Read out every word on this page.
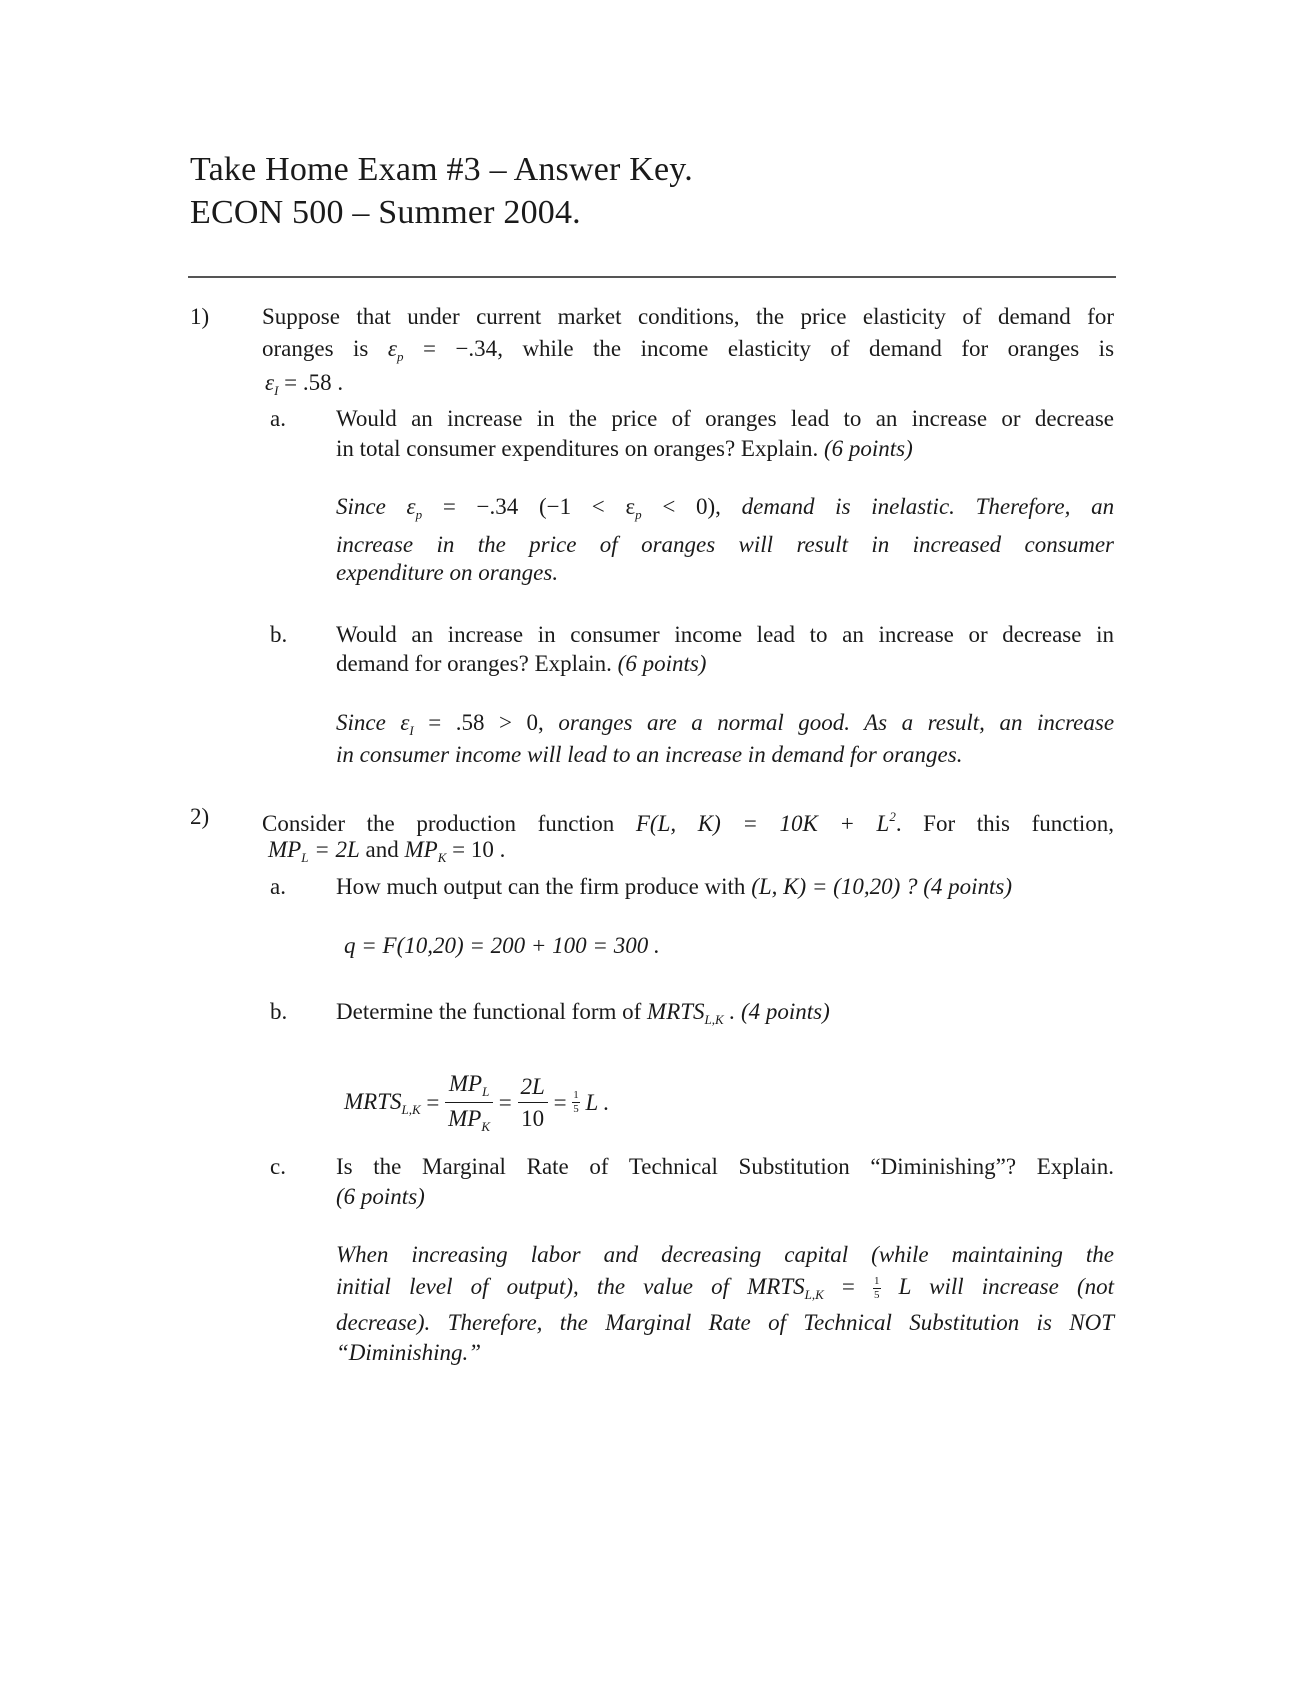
Take Home Exam #3 – Answer Key.
ECON 500 – Summer 2004.
1) Suppose that under current market conditions, the price elasticity of demand for
oranges is $\varepsilon_p = -.34$, while the income elasticity of demand for oranges is
$\varepsilon_I = .58$ .
a. Would an increase in the price of oranges lead to an increase or decrease
in total consumer expenditures on oranges? Explain. (6 points)
Since $\varepsilon_p = -.34$ $(-1 < \varepsilon_p < 0)$, demand is inelastic. Therefore, an
increase in the price of oranges will result in increased consumer
expenditure on oranges.
b. Would an increase in consumer income lead to an increase or decrease in
demand for oranges? Explain. (6 points)
Since $\varepsilon_I = .58 > 0$, oranges are a normal good. As a result, an increase
in consumer income will lead to an increase in demand for oranges.
2) Consider the production function F(L, $K) = 10K + L^2$. For this function,
$MP_L = 2L$ and $MP_K = 10$ .
a. How much output can the firm produce with (L, K) = (10,20) ? (4 points)
q = F(10,20) = 200 + 100 = 300 .
b. Determine the functional form of $MRTS_{L,K}$ . (4 points)
$MRTS_{L,K} = \frac{MP_L}{MP_K} = \frac{2L}{10} = \frac{1}{5}$ L .
c. Is the Marginal Rate of Technical Substitution “Diminishing”? Explain.
(6 points)
When increasing labor and decreasing capital (while maintaining the
initial level of output), the value of $MRTS_{L,K} = \frac{1}{5}$ L will increase (not
decrease). Therefore, the Marginal Rate of Technical Substitution is NOT
“Diminishing.”
